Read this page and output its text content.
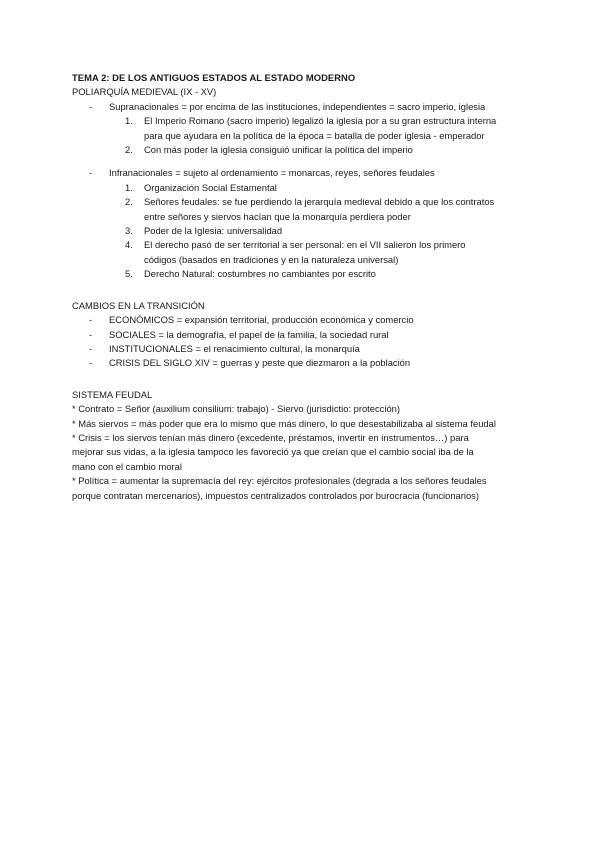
TEMA 2: DE LOS ANTIGUOS ESTADOS AL ESTADO MODERNO
POLIARQUÍA MEDIEVAL (IX - XV)
- Supranacionales = por encima de las instituciones, independientes = sacro imperio, iglesia
1. El Imperio Romano (sacro imperio) legalizó la iglesia por a su gran estructura interna
para que ayudara en la política de la época = batalla de poder iglesia - emperador
2. Con más poder la iglesia consiguió unificar la política del imperio
- Infranacionales = sujeto al ordenamiento = monarcas, reyes, señores feudales
1. Organización Social Estamental
2. Señores feudales: se fue perdiendo la jerarquía medieval debido a que los contratos
entre señores y siervos hacían que la monarquía perdiera poder
3. Poder de la Iglesia: universalidad
4. El derecho pasó de ser territorial a ser personal: en el VII salieron los primero
códigos (basados en tradiciones y en la naturaleza universal)
5. Derecho Natural: costumbres no cambiantes por escrito
CAMBIOS EN LA TRANSICIÓN
- ECONÓMICOS = expansión territorial, producción económica y comercio
- SOCIALES = la demografía, el papel de la familia, la sociedad rural
- INSTITUCIONALES = el renacimiento cultural, la monarquía
- CRISIS DEL SIGLO XIV = guerras y peste que diezmaron a la población
SISTEMA FEUDAL
* Contrato = Señor (auxilium consilium: trabajo) - Siervo (jurisdictio: protección)
* Más siervos = más poder que era lo mismo que más dinero, lo que desestabilizaba al sistema feudal
* Crisis = los siervos tenían más dinero (excedente, préstamos, invertir en instrumentos…) para
mejorar sus vidas, a la iglesia tampoco les favoreció ya que creían que el cambio social iba de la
mano con el cambio moral
* Política = aumentar la supremacía del rey: ejércitos profesionales (degrada a los señores feudales
porque contratan mercenarios), impuestos centralizados controlados por burocracia (funcionarios)
